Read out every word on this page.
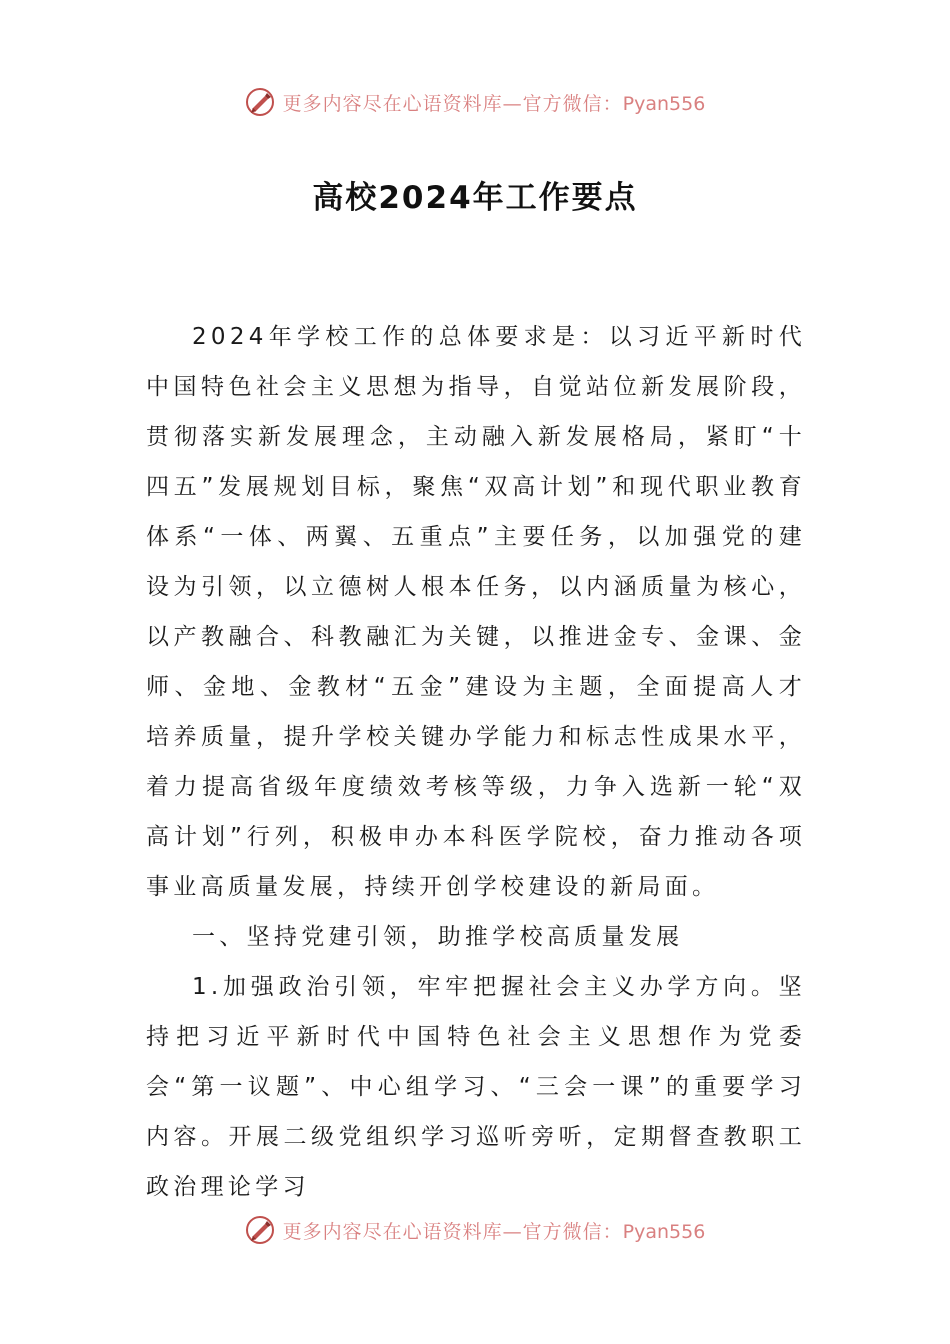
更多内容尽在心语资料库—官方微信：Pyan556
高校2024年工作要点

2024年学校工作的总体要求是：以习近平新时代中国特色社会主义思想为指导，自觉站位新发展阶段，贯彻落实新发展理念，主动融入新发展格局，紧盯“十四五”发展规划目标，聚焦“双高计划”和现代职业教育体系“一体、两翼、五重点”主要任务，以加强党的建设为引领，以立德树人根本任务，以内涵质量为核心，以产教融合、科教融汇为关键，以推进金专、金课、金师、金地、金教材“五金”建设为主题，全面提高人才培养质量，提升学校关键办学能力和标志性成果水平，着力提高省级年度绩效考核等级，力争入选新一轮“双高计划”行列，积极申办本科医学院校，奋力推动各项事业高质量发展，持续开创学校建设的新局面。

一、坚持党建引领，助推学校高质量发展

1.加强政治引领，牢牢把握社会主义办学方向。坚持把习近平新时代中国特色社会主义思想作为党委会“第一议题”、中心组学习、“三会一课”的重要学习内容。开展二级党组织学习巡听旁听，定期督查教职工政治理论学习

更多内容尽在心语资料库—官方微信：Pyan556
